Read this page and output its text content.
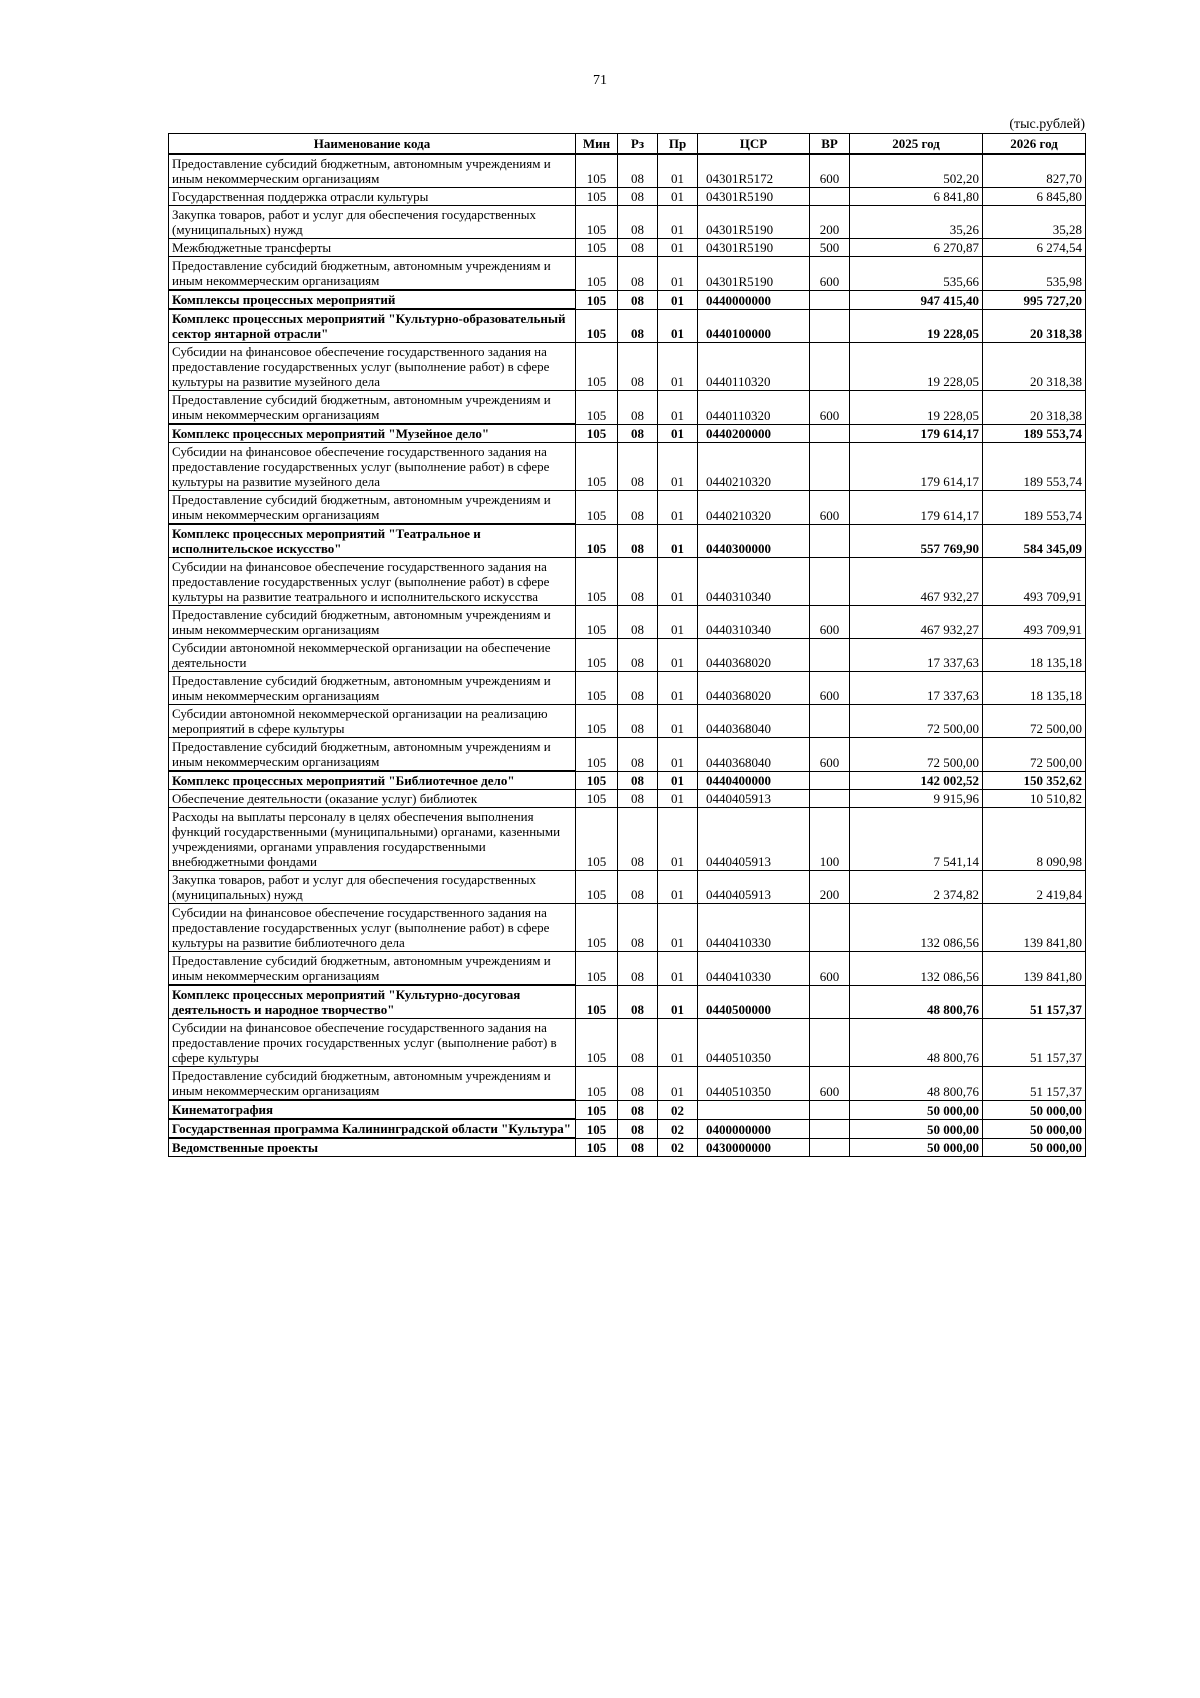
71
(тыс.рублей)
Наименование кода	Мин	Рз	Пр	ЦСР	ВР	2025 год	2026 год
Предоставление субсидий бюджетным, автономным учреждениям и иным некоммерческим организациям	105	08	01	04301R5172	600	502,20	827,70
Государственная поддержка отрасли культуры	105	08	01	04301R5190		6 841,80	6 845,80
Закупка товаров, работ и услуг для обеспечения государственных (муниципальных) нужд	105	08	01	04301R5190	200	35,26	35,28
Межбюджетные трансферты	105	08	01	04301R5190	500	6 270,87	6 274,54
Предоставление субсидий бюджетным, автономным учреждениям и иным некоммерческим организациям	105	08	01	04301R5190	600	535,66	535,98
Комплексы процессных мероприятий	105	08	01	0440000000		947 415,40	995 727,20
Комплекс процессных мероприятий "Культурно-образовательный сектор янтарной отрасли"	105	08	01	0440100000		19 228,05	20 318,38
Субсидии на финансовое обеспечение государственного задания на предоставление государственных услуг (выполнение работ) в сфере культуры на развитие музейного дела	105	08	01	0440110320		19 228,05	20 318,38
Предоставление субсидий бюджетным, автономным учреждениям и иным некоммерческим организациям	105	08	01	0440110320	600	19 228,05	20 318,38
Комплекс процессных мероприятий "Музейное дело"	105	08	01	0440200000		179 614,17	189 553,74
Субсидии на финансовое обеспечение государственного задания на предоставление государственных услуг (выполнение работ) в сфере культуры на развитие музейного дела	105	08	01	0440210320		179 614,17	189 553,74
Предоставление субсидий бюджетным, автономным учреждениям и иным некоммерческим организациям	105	08	01	0440210320	600	179 614,17	189 553,74
Комплекс процессных мероприятий "Театральное и исполнительское искусство"	105	08	01	0440300000		557 769,90	584 345,09
Субсидии на финансовое обеспечение государственного задания на предоставление государственных услуг (выполнение работ) в сфере культуры на развитие театрального и исполнительского искусства	105	08	01	0440310340		467 932,27	493 709,91
Предоставление субсидий бюджетным, автономным учреждениям и иным некоммерческим организациям	105	08	01	0440310340	600	467 932,27	493 709,91
Субсидии автономной некоммерческой организации на обеспечение деятельности	105	08	01	0440368020		17 337,63	18 135,18
Предоставление субсидий бюджетным, автономным учреждениям и иным некоммерческим организациям	105	08	01	0440368020	600	17 337,63	18 135,18
Субсидии автономной некоммерческой организации на реализацию мероприятий в сфере культуры	105	08	01	0440368040		72 500,00	72 500,00
Предоставление субсидий бюджетным, автономным учреждениям и иным некоммерческим организациям	105	08	01	0440368040	600	72 500,00	72 500,00
Комплекс процессных мероприятий "Библиотечное дело"	105	08	01	0440400000		142 002,52	150 352,62
Обеспечение деятельности (оказание услуг) библиотек	105	08	01	0440405913		9 915,96	10 510,82
Расходы на выплаты персоналу в целях обеспечения выполнения функций государственными (муниципальными) органами, казенными учреждениями, органами управления государственными внебюджетными фондами	105	08	01	0440405913	100	7 541,14	8 090,98
Закупка товаров, работ и услуг для обеспечения государственных (муниципальных) нужд	105	08	01	0440405913	200	2 374,82	2 419,84
Субсидии на финансовое обеспечение государственного задания на предоставление государственных услуг (выполнение работ) в сфере культуры на развитие библиотечного дела	105	08	01	0440410330		132 086,56	139 841,80
Предоставление субсидий бюджетным, автономным учреждениям и иным некоммерческим организациям	105	08	01	0440410330	600	132 086,56	139 841,80
Комплекс процессных мероприятий "Культурно-досуговая деятельность и народное творчество"	105	08	01	0440500000		48 800,76	51 157,37
Субсидии на финансовое обеспечение государственного задания на предоставление прочих государственных услуг (выполнение работ) в сфере культуры	105	08	01	0440510350		48 800,76	51 157,37
Предоставление субсидий бюджетным, автономным учреждениям и иным некоммерческим организациям	105	08	01	0440510350	600	48 800,76	51 157,37
Кинематография	105	08	02			50 000,00	50 000,00
Государственная программа Калининградской области "Культура"	105	08	02	0400000000		50 000,00	50 000,00
Ведомственные проекты	105	08	02	0430000000		50 000,00	50 000,00
